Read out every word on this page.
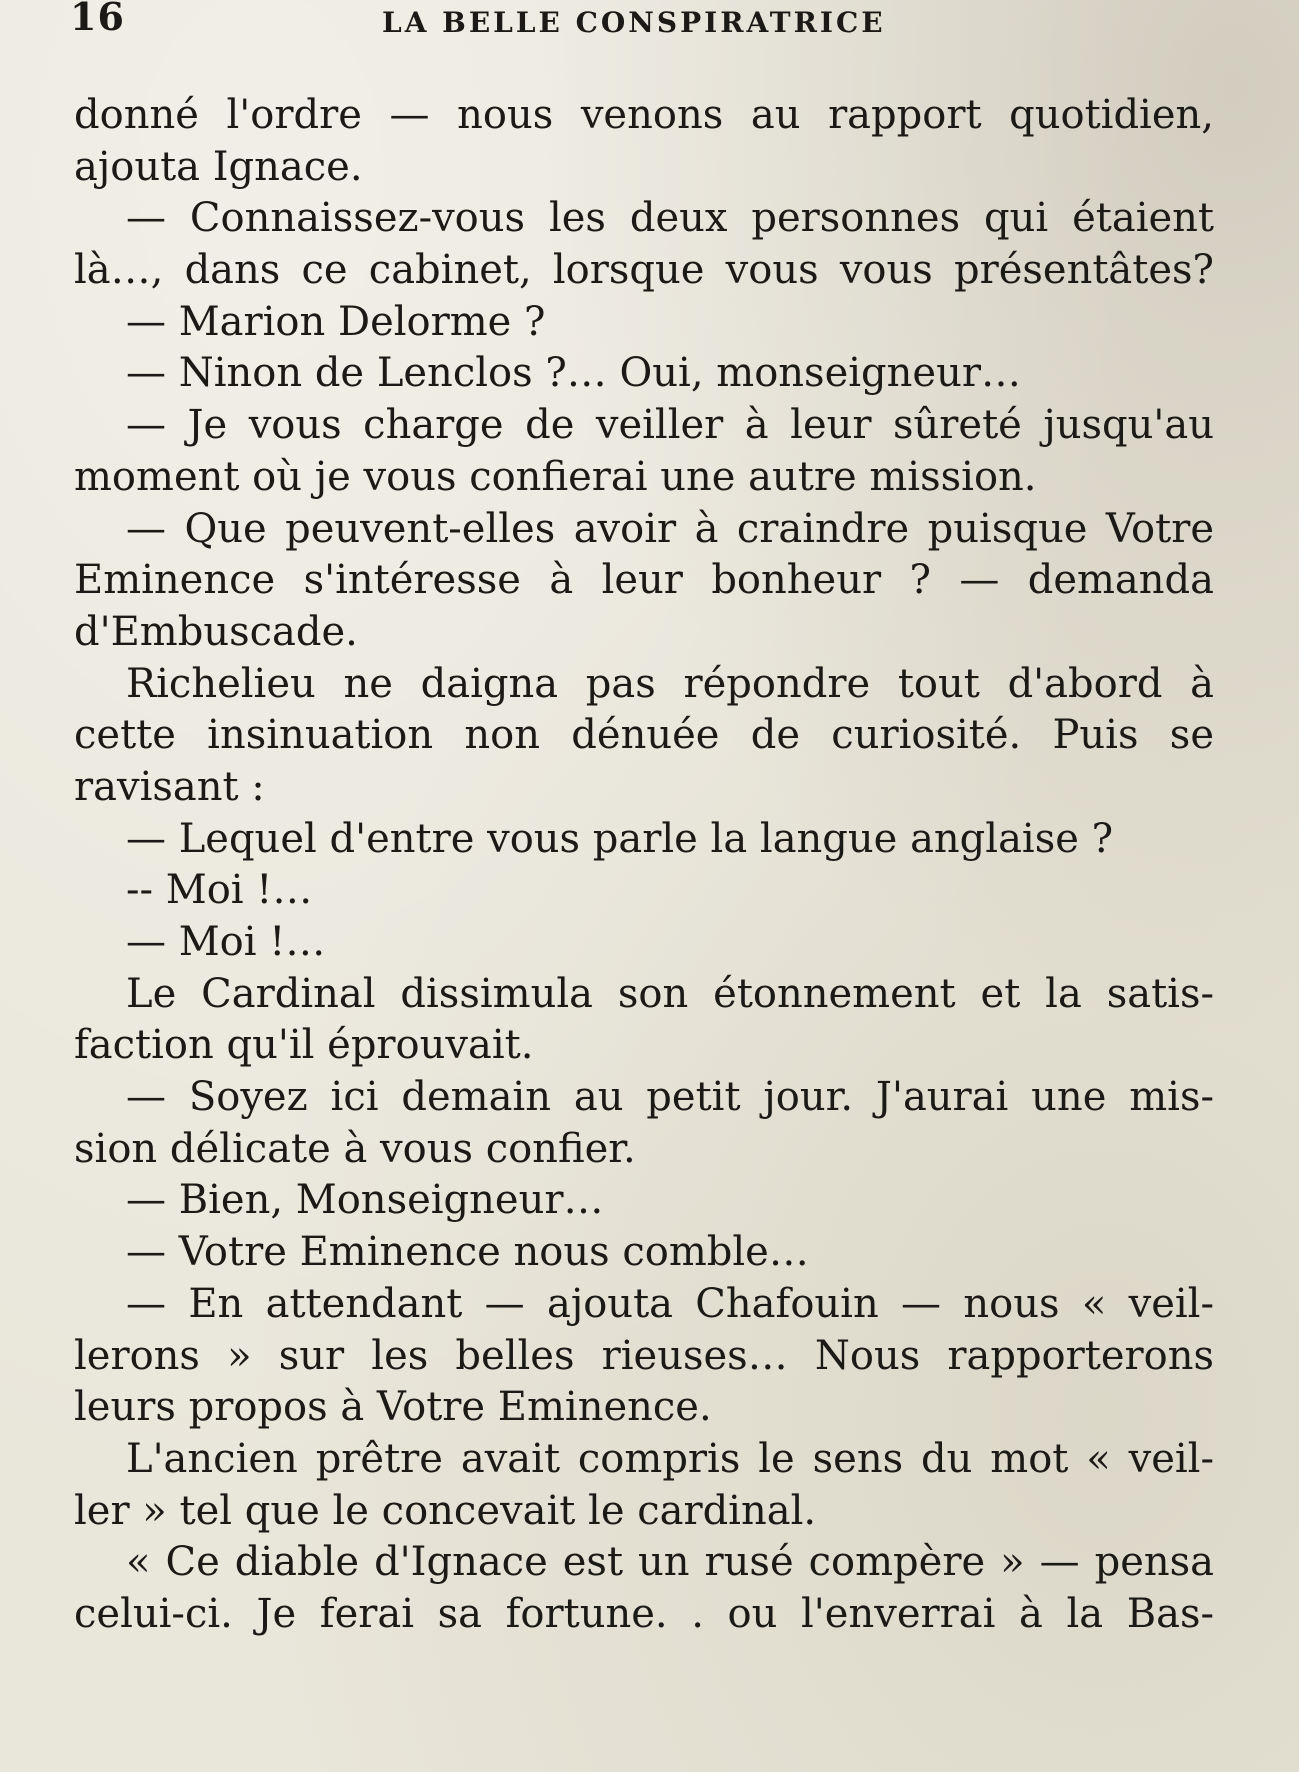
16	LA BELLE CONSPIRATRICE
donné l'ordre — nous venons au rapport quotidien,
ajouta Ignace.
— Connaissez-vous les deux personnes qui étaient
là…, dans ce cabinet, lorsque vous vous présentâtes?
— Marion Delorme ?
— Ninon de Lenclos ?… Oui, monseigneur…
— Je vous charge de veiller à leur sûreté jusqu'au
moment où je vous confierai une autre mission.
— Que peuvent-elles avoir à craindre puisque Votre
Eminence s'intéresse à leur bonheur ? — demanda
d'Embuscade.
Richelieu ne daigna pas répondre tout d'abord à
cette insinuation non dénuée de curiosité. Puis se
ravisant :
— Lequel d'entre vous parle la langue anglaise ?
-- Moi !…
— Moi !…
Le Cardinal dissimula son étonnement et la satis-
faction qu'il éprouvait.
— Soyez ici demain au petit jour. J'aurai une mis-
sion délicate à vous confier.
— Bien, Monseigneur…
— Votre Eminence nous comble…
— En attendant — ajouta Chafouin — nous « veil-
lerons » sur les belles rieuses… Nous rapporterons
leurs propos à Votre Eminence.
L'ancien prêtre avait compris le sens du mot « veil-
ler » tel que le concevait le cardinal.
« Ce diable d'Ignace est un rusé compère » — pensa
celui-ci. Je ferai sa fortune. . ou l'enverrai à la Bas-
